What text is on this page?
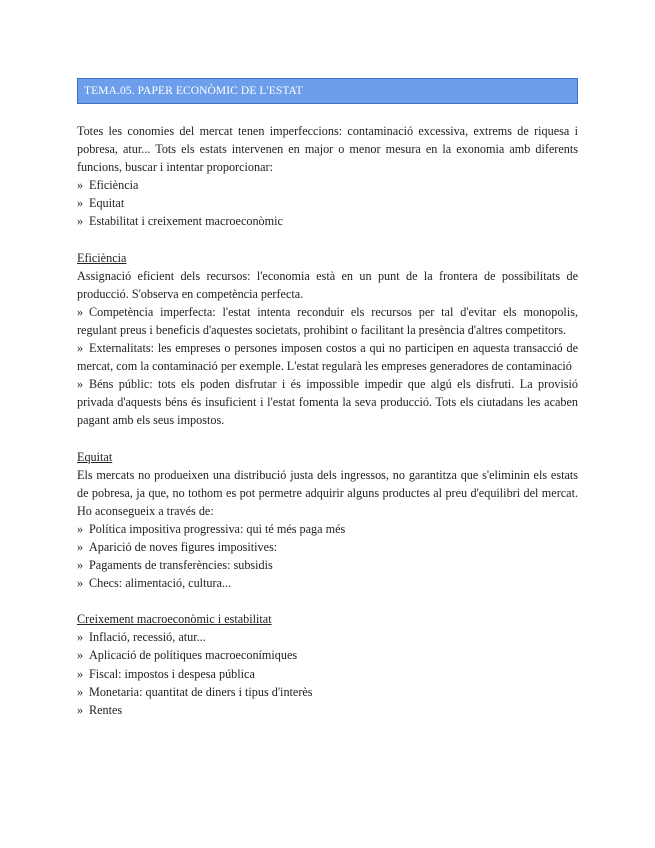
TEMA.05. PAPER ECONÒMIC DE L'ESTAT

Totes les conomies del mercat tenen imperfeccions: contaminació excessiva, extrems de riquesa i pobresa, atur... Tots els estats intervenen en major o menor mesura en la exonomia amb diferents funcions, buscar i intentar proporcionar:

» Eficiència
» Equitat
» Estabilitat i creixement macroeconòmic
Eficiència

Assignació eficient dels recursos: l'economia està en un punt de la frontera de possibilitats de producció. S'observa en competència perfecta.

» Competència imperfecta: l'estat intenta reconduir els recursos per tal d'evitar els monopolis, regulant preus i beneficis d'aquestes societats, prohibint o facilitant la presència d'altres competitors.

» Externalitats: les empreses o persones imposen costos a qui no participen en aquesta transacció de mercat, com la contaminació per exemple. L'estat regularà les empreses generadores de contaminació

» Béns públic: tots els poden disfrutar i és impossible impedir que algú els disfruti. La provisió privada d'aquests béns és insuficient i l'estat fomenta la seva producció. Tots els ciutadans les acaben pagant amb els seus impostos.

Equitat

Els mercats no produeixen una distribució justa dels ingressos, no garantitza que s'eliminin els estats de pobresa, ja que, no tothom es pot permetre adquirir alguns productes al preu d'equilibri del mercat. Ho aconsegueix a través de:

» Política impositiva progressiva: qui té més paga més
» Aparició de noves figures impositives:
» Pagaments de transferències: subsidis
» Checs: alimentació, cultura...
Creixement macroeconòmic i estabilitat
» Inflació, recessió, atur...
» Aplicació de polítiques macroeconímiques
» Fiscal: impostos i despesa pública
» Monetaria: quantitat de diners i tipus d'interès
» Rentes
